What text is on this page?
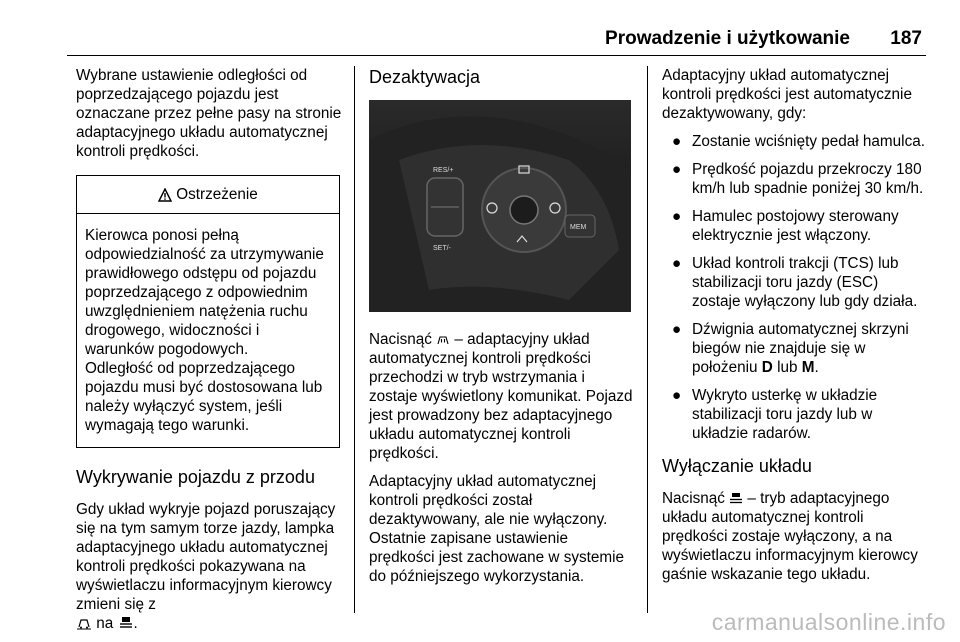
Prowadzenie i użytkowanie 187

Wybrane ustawienie odległości od poprzedzającego pojazdu jest oznaczane przez pełne pasy na stronie adaptacyjnego układu automatycznej kontroli prędkości.

Ostrzeżenie
Kierowca ponosi pełną odpowiedzialność za utrzymywanie prawidłowego odstępu od pojazdu poprzedzającego z odpowiednim uwzględnieniem natężenia ruchu drogowego, widoczności i warunków pogodowych.
Odległość od poprzedzającego pojazdu musi być dostosowana lub należy wyłączyć system, jeśli wymagają tego warunki.
Wykrywanie pojazdu z przodu

Gdy układ wykryje pojazd poruszający się na tym samym torze jazdy, lampka adaptacyjnego układu automatycznej kontroli prędkości pokazywana na wyświetlaczu informacyjnym kierowcy zmieni się z
na .

Dezaktywacja
RES/+
SET/-
MEM

Nacisnąć – adaptacyjny układ automatycznej kontroli prędkości przechodzi w tryb wstrzymania i zostaje wyświetlony komunikat. Pojazd jest prowadzony bez adaptacyjnego układu automatycznej kontroli prędkości.

Adaptacyjny układ automatycznej kontroli prędkości został dezaktywowany, ale nie wyłączony. Ostatnie zapisane ustawienie prędkości jest zachowane w systemie do późniejszego wykorzystania.

Adaptacyjny układ automatycznej kontroli prędkości jest automatycznie dezaktywowany, gdy:

● Zostanie wciśnięty pedał hamulca.
● Prędkość pojazdu przekroczy 180 km/h lub spadnie poniżej 30 km/h.
● Hamulec postojowy sterowany elektrycznie jest włączony.
● Układ kontroli trakcji (TCS) lub stabilizacji toru jazdy (ESC) zostaje wyłączony lub gdy działa.
● Dźwignia automatycznej skrzyni biegów nie znajduje się w położeniu D lub M.
● Wykryto usterkę w układzie stabilizacji toru jazdy lub w układzie radarów.
Wyłączanie układu

Nacisnąć – tryb adaptacyjnego układu automatycznej kontroli prędkości zostaje wyłączony, a na wyświetlaczu informacyjnym kierowcy gaśnie wskazanie tego układu.

carmanualsonline.info
